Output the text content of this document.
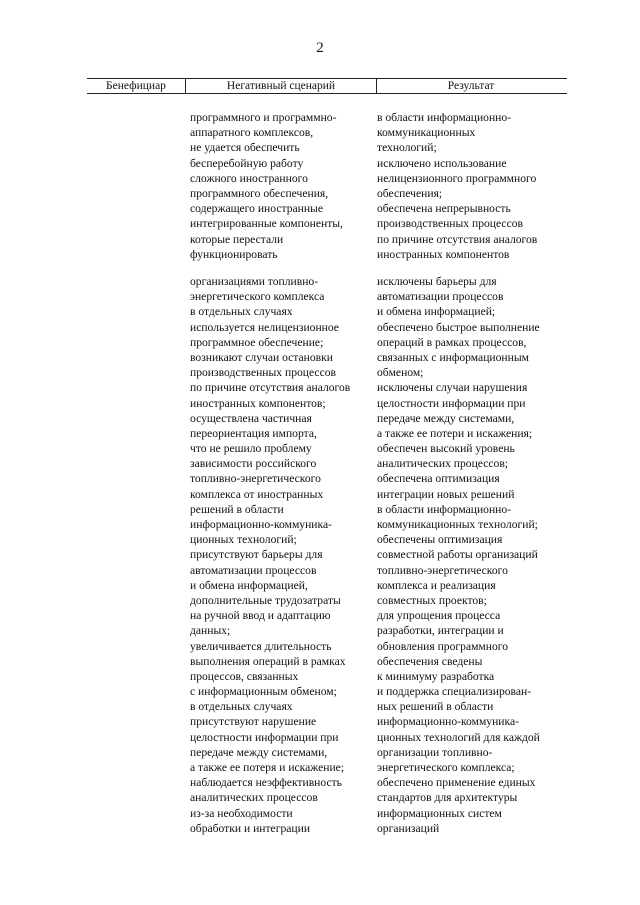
2
Бенефициар	Негативный сценарий	Результат
программного и программно-
аппаратного комплексов,
не удается обеспечить
бесперебойную работу
сложного иностранного
программного обеспечения,
содержащего иностранные
интегрированные компоненты,
которые перестали
функционировать
в области информационно-
коммуникационных
технологий;
исключено использование
нелицензионного программного
обеспечения;
обеспечена непрерывность
производственных процессов
по причине отсутствия аналогов
иностранных компонентов
организациями топливно-
энергетического комплекса
в отдельных случаях
используется нелицензионное
программное обеспечение;
возникают случаи остановки
производственных процессов
по причине отсутствия аналогов
иностранных компонентов;
осуществлена частичная
переориентация импорта,
что не решило проблему
зависимости российского
топливно-энергетического
комплекса от иностранных
решений в области
информационно-коммуника-
ционных технологий;
присутствуют барьеры для
автоматизации процессов
и обмена информацией,
дополнительные трудозатраты
на ручной ввод и адаптацию
данных;
увеличивается длительность
выполнения операций в рамках
процессов, связанных
с информационным обменом;
в отдельных случаях
присутствуют нарушение
целостности информации при
передаче между системами,
а также ее потеря и искажение;
наблюдается неэффективность
аналитических процессов
из-за необходимости
обработки и интеграции
исключены барьеры для
автоматизации процессов
и обмена информацией;
обеспечено быстрое выполнение
операций в рамках процессов,
связанных с информационным
обменом;
исключены случаи нарушения
целостности информации при
передаче между системами,
а также ее потери и искажения;
обеспечен высокий уровень
аналитических процессов;
обеспечена оптимизация
интеграции новых решений
в области информационно-
коммуникационных технологий;
обеспечены оптимизация
совместной работы организаций
топливно-энергетического
комплекса и реализация
совместных проектов;
для упрощения процесса
разработки, интеграции и
обновления программного
обеспечения сведены
к минимуму разработка
и поддержка специализирован-
ных решений в области
информационно-коммуника-
ционных технологий для каждой
организации топливно-
энергетического комплекса;
обеспечено применение единых
стандартов для архитектуры
информационных систем
организаций
